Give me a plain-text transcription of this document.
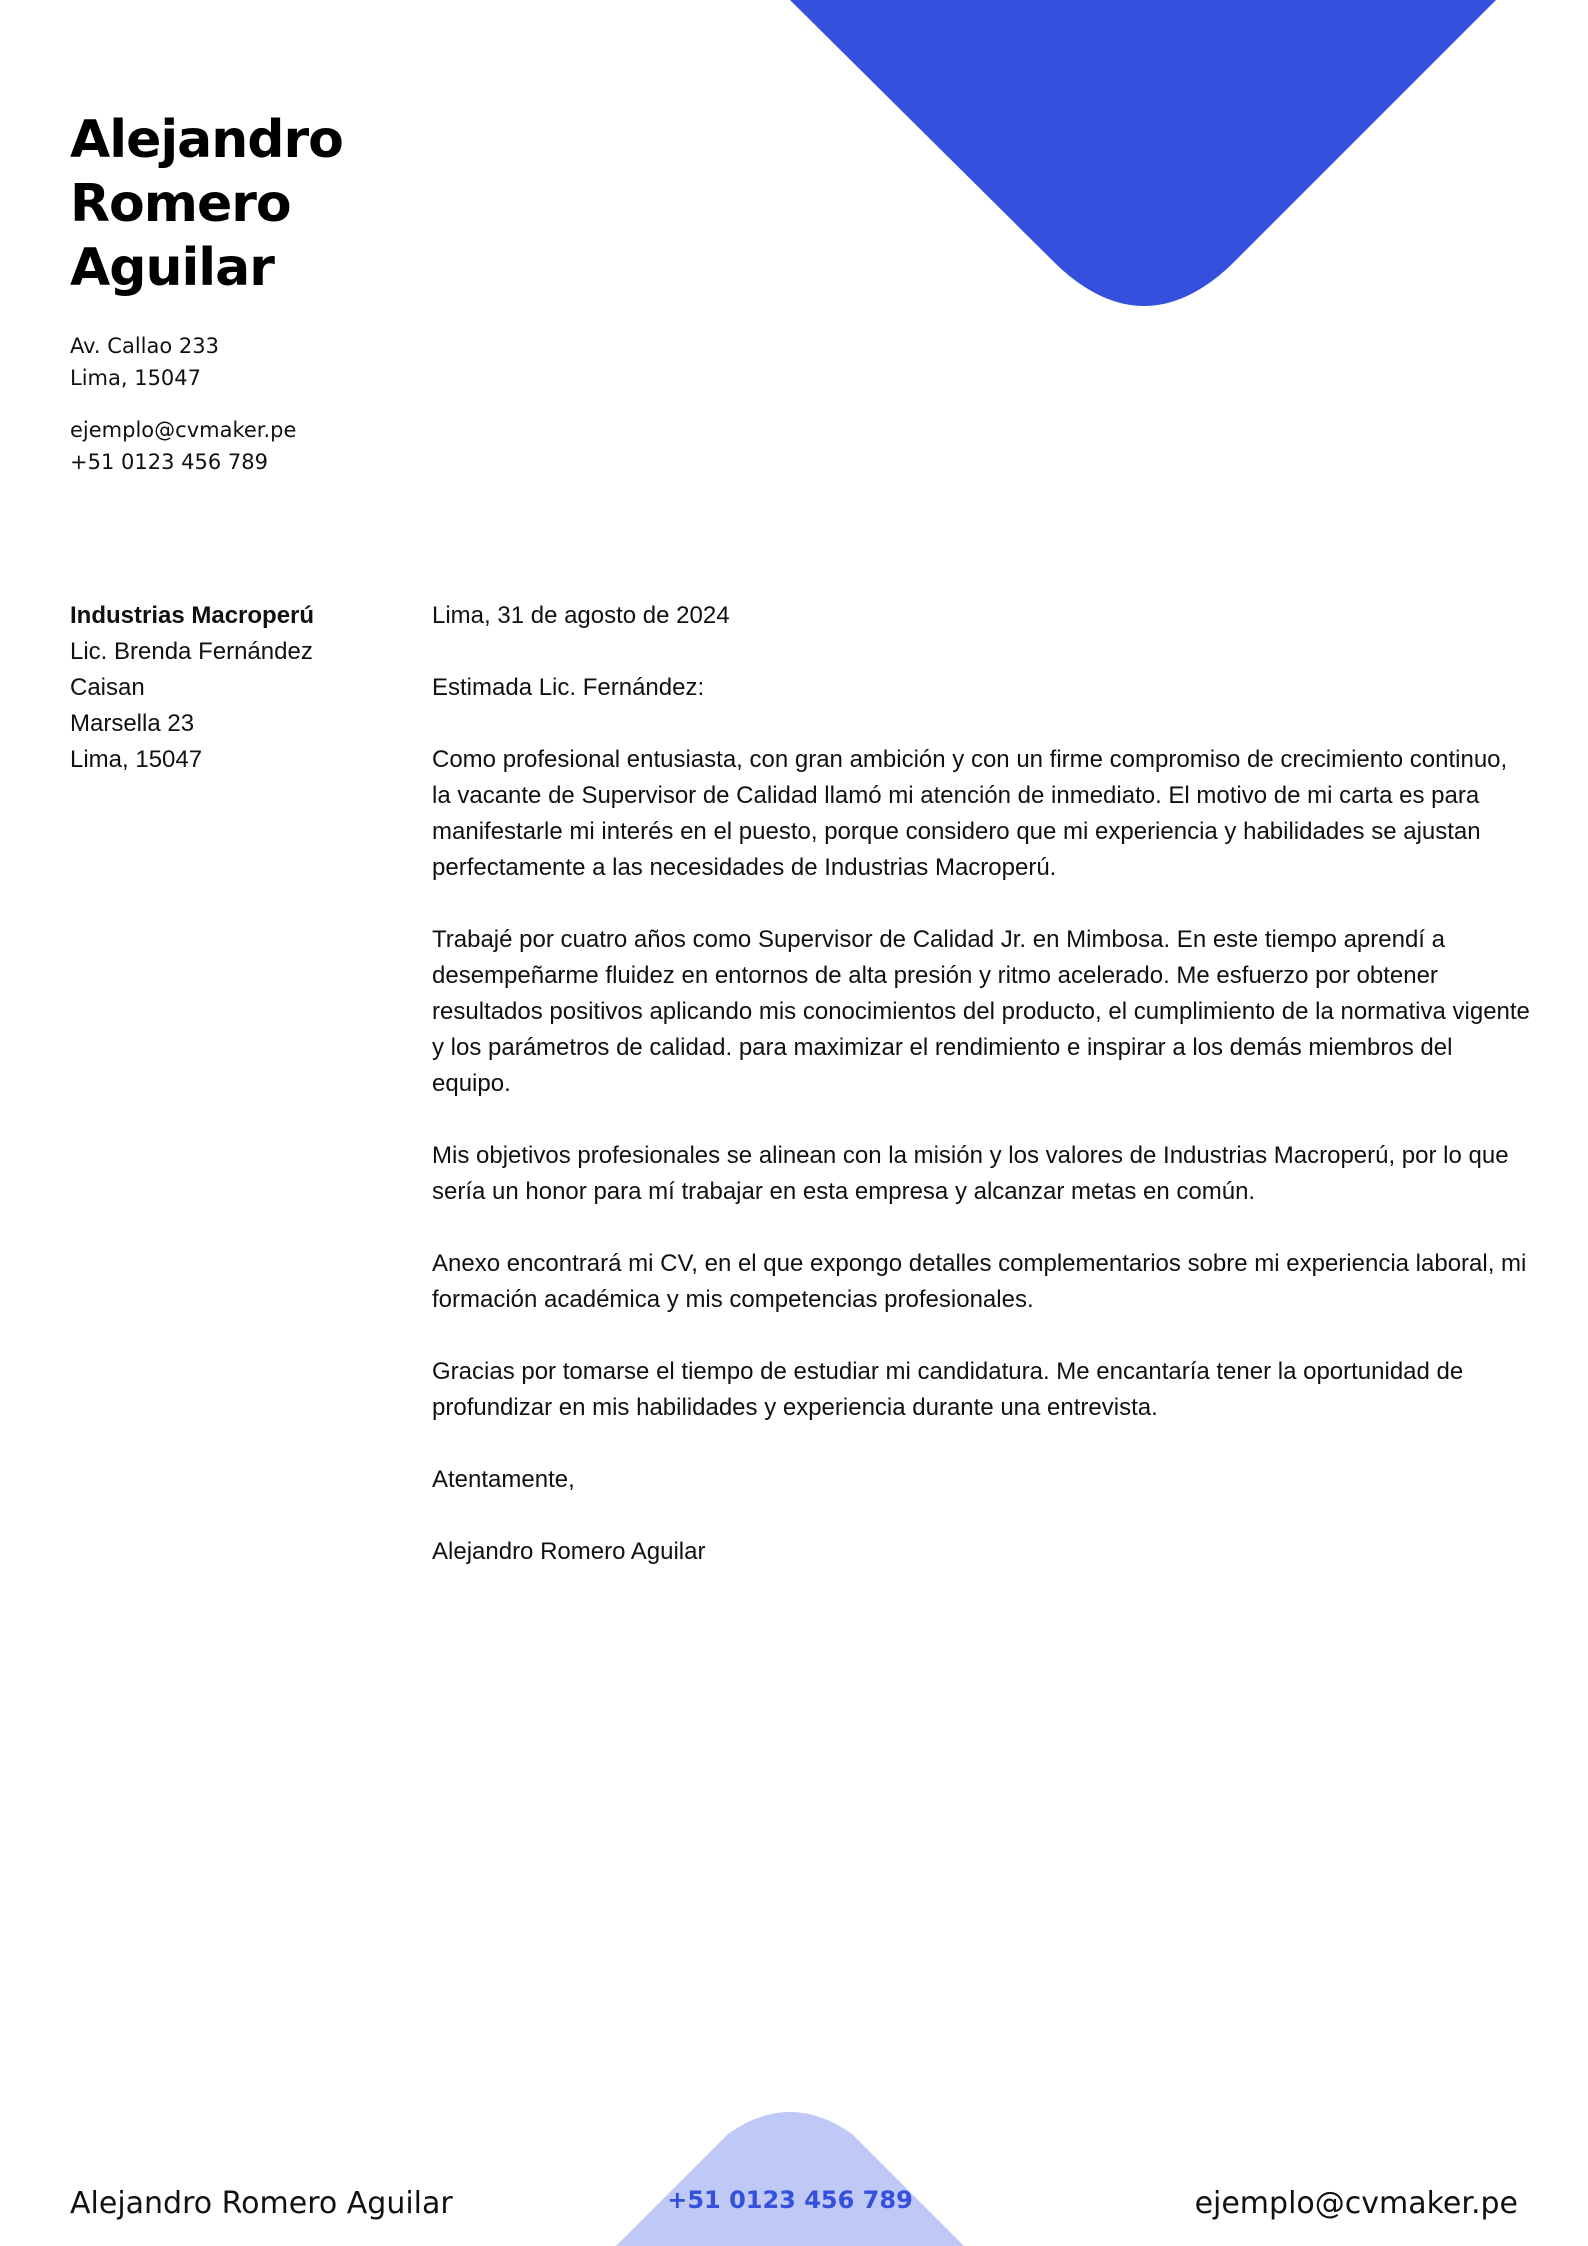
Alejandro
Romero
Aguilar
Av. Callao 233
Lima, 15047
ejemplo@cvmaker.pe
+51 0123 456 789
Industrias Macroperú
Lic. Brenda Fernández
Caisan
Marsella 23
Lima, 15047

Lima, 31 de agosto de 2024

Estimada Lic. Fernández:

Como profesional entusiasta, con gran ambición y con un firme compromiso de crecimiento continuo, la vacante de Supervisor de Calidad llamó mi atención de inmediato. El motivo de mi carta es para manifestarle mi interés en el puesto, porque considero que mi experiencia y habilidades se ajustan perfectamente a las necesidades de Industrias Macroperú.

Trabajé por cuatro años como Supervisor de Calidad Jr. en Mimbosa. En este tiempo aprendí a desempeñarme fluidez en entornos de alta presión y ritmo acelerado. Me esfuerzo por obtener resultados positivos aplicando mis conocimientos del producto, el cumplimiento de la normativa vigente y los parámetros de calidad. para maximizar el rendimiento e inspirar a los demás miembros del equipo.

Mis objetivos profesionales se alinean con la misión y los valores de Industrias Macroperú, por lo que sería un honor para mí trabajar en esta empresa y alcanzar metas en común.

Anexo encontrará mi CV, en el que expongo detalles complementarios sobre mi experiencia laboral, mi formación académica y mis competencias profesionales.

Gracias por tomarse el tiempo de estudiar mi candidatura. Me encantaría tener la oportunidad de profundizar en mis habilidades y experiencia durante una entrevista.

Atentamente,

Alejandro Romero Aguilar

Alejandro Romero Aguilar	+51 0123 456 789	ejemplo@cvmaker.pe
